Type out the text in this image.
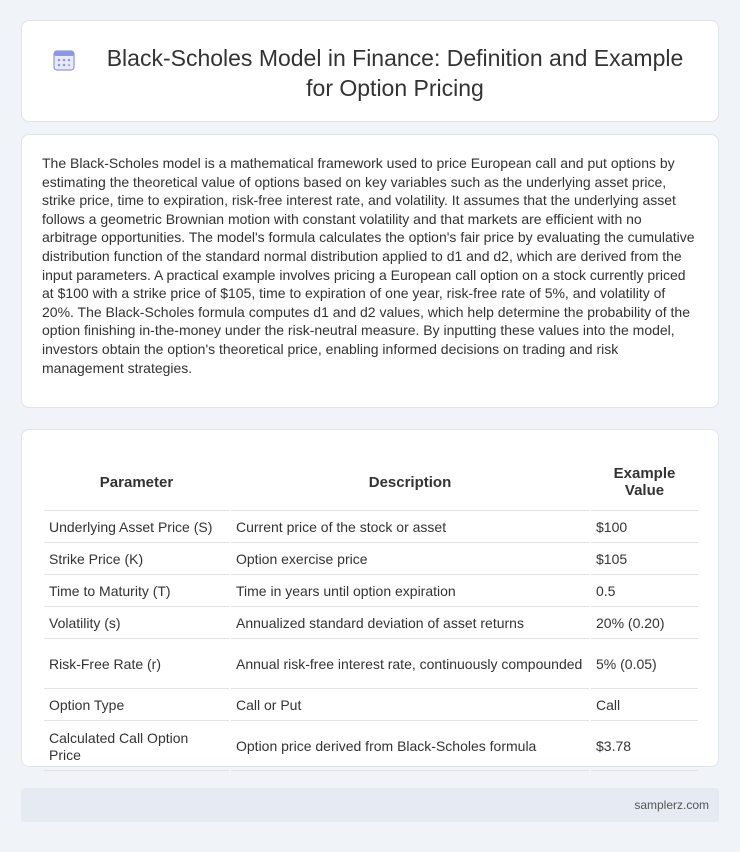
Black-Scholes Model in Finance: Definition and Example for Option Pricing

The Black-Scholes model is a mathematical framework used to price European call and put options by estimating the theoretical value of options based on key variables such as the underlying asset price, strike price, time to expiration, risk-free interest rate, and volatility. It assumes that the underlying asset follows a geometric Brownian motion with constant volatility and that markets are efficient with no arbitrage opportunities. The model's formula calculates the option's fair price by evaluating the cumulative distribution function of the standard normal distribution applied to d1 and d2, which are derived from the input parameters. A practical example involves pricing a European call option on a stock currently priced at $100 with a strike price of $105, time to expiration of one year, risk-free rate of 5%, and volatility of 20%. The Black-Scholes formula computes d1 and d2 values, which help determine the probability of the option finishing in-the-money under the risk-neutral measure. By inputting these values into the model, investors obtain the option's theoretical price, enabling informed decisions on trading and risk management strategies.

Parameter	Description	Example Value
Underlying Asset Price (S)	Current price of the stock or asset	$100
Strike Price (K)	Option exercise price	$105
Time to Maturity (T)	Time in years until option expiration	0.5
Volatility (s)	Annualized standard deviation of asset returns	20% (0.20)
Risk-Free Rate (r)	Annual risk-free interest rate, continuously compounded	5% (0.05)
Option Type	Call or Put	Call
Calculated Call Option Price	Option price derived from Black-Scholes formula	$3.78
samplerz.com
